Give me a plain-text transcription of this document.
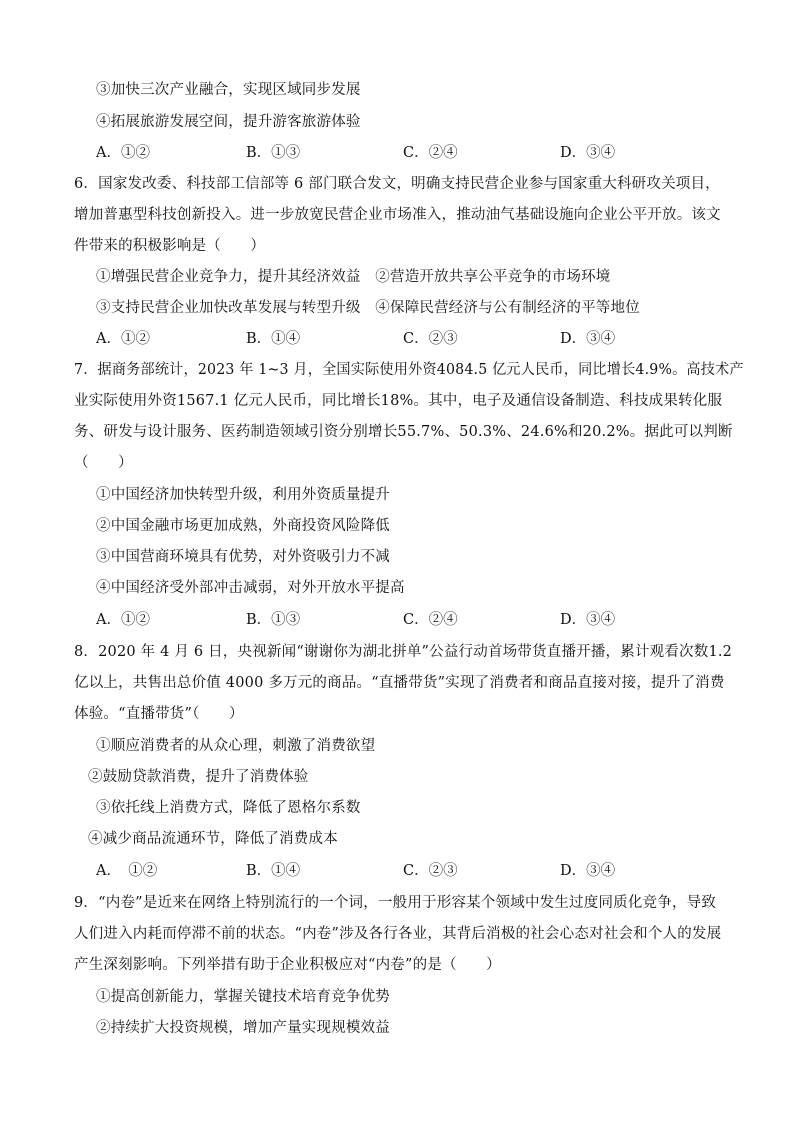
③加快三次产业融合，实现区域同步发展
④拓展旅游发展空间，提升游客旅游体验
A．①②	B．①③	C．②④	D．③④
6．国家发改委、科技部工信部等 6 部门联合发文，明确支持民营企业参与国家重大科研攻关项目，
增加普惠型科技创新投入。进一步放宽民营企业市场准入，推动油气基础设施向企业公平开放。该文
件带来的积极影响是（　　）
①增强民营企业竞争力，提升其经济效益　②营造开放共享公平竞争的市场环境
③支持民营企业加快改革发展与转型升级　④保障民营经济与公有制经济的平等地位
A．①②	B．①④	C．②③	D．③④
7．据商务部统计，2023 年 1~3 月，全国实际使用外资4084.5 亿元人民币，同比增长4.9%。高技术产
业实际使用外资1567.1 亿元人民币，同比增长18%。其中，电子及通信设备制造、科技成果转化服
务、研发与设计服务、医药制造领域引资分别增长55.7%、50.3%、24.6%和20.2%。据此可以判断
（　　）
①中国经济加快转型升级，利用外资质量提升
②中国金融市场更加成熟，外商投资风险降低
③中国营商环境具有优势，对外资吸引力不减
④中国经济受外部冲击减弱，对外开放水平提高
A．①②	B．①③	C．②④	D．③④
8．2020 年 4 月 6 日，央视新闻“谢谢你为湖北拼单”公益行动首场带货直播开播，累计观看次数1.2
亿以上，共售出总价值 4000 多万元的商品。“直播带货”实现了消费者和商品直接对接，提升了消费
体验。“直播带货”（　　）
①顺应消费者的从众心理，刺激了消费欲望
②鼓励贷款消费，提升了消费体验
③依托线上消费方式，降低了恩格尔系数
④减少商品流通环节，降低了消费成本
A．　①②	B．①④	C．②③	D．③④
9．“内卷”是近来在网络上特别流行的一个词，一般用于形容某个领域中发生过度同质化竞争，导致
人们进入内耗而停滞不前的状态。“内卷”涉及各行各业，其背后消极的社会心态对社会和个人的发展
产生深刻影响。下列举措有助于企业积极应对“内卷”的是（　　）
①提高创新能力，掌握关键技术培育竞争优势
②持续扩大投资规模，增加产量实现规模效益
